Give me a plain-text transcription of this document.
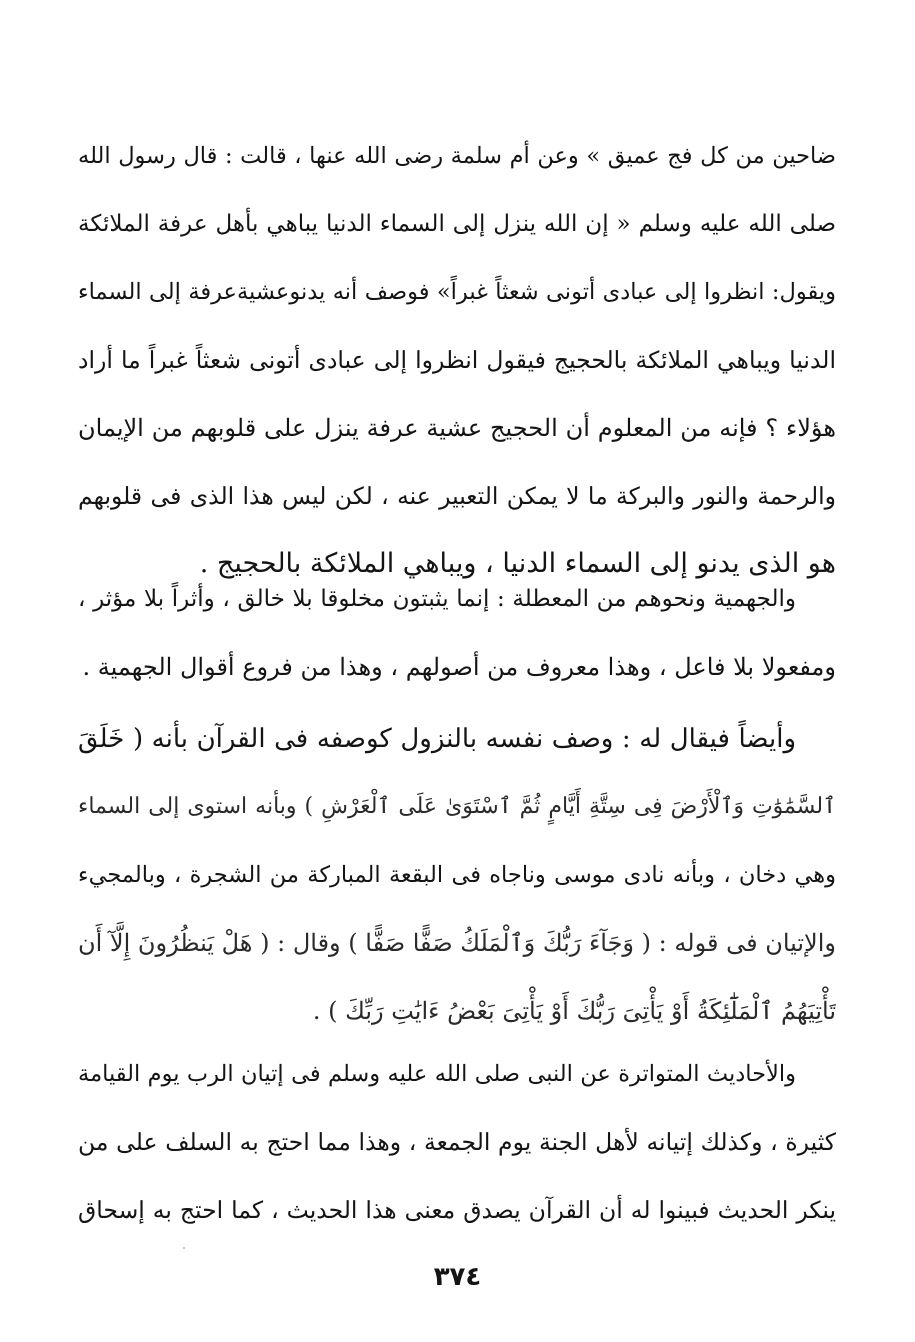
ضاحين من كل فج عميق » وعن أم سلمة رضى الله عنها ، قالت : قال رسول الله
صلى الله عليه وسلم « إن الله ينزل إلى السماء الدنيا يباهي بأهل عرفة الملائكة
ويقول: انظروا إلى عبادى أتونى شعثاً غبراً» فوصف أنه يدنوعشيةعرفة إلى السماء
الدنيا ويباهي الملائكة بالحجيج فيقول انظروا إلى عبادى أتونى شعثاً غبراً ما أراد
هؤلاء ؟ فإنه من المعلوم أن الحجيج عشية عرفة ينزل على قلوبهم من الإيمان
والرحمة والنور والبركة ما لا يمكن التعبير عنه ، لكن ليس هذا الذى فى قلوبهم
هو الذى يدنو إلى السماء الدنيا ، ويباهي الملائكة بالحجيج .
والجهمية ونحوهم من المعطلة : إنما يثبتون مخلوقا بلا خالق ، وأثراً بلا مؤثر ،
ومفعولا بلا فاعل ، وهذا معروف من أصولهم ، وهذا من فروع أقوال الجهمية .
وأيضاً فيقال له : وصف نفسه بالنزول كوصفه فى القرآن بأنه ( خَلَقَ
ٱلسَّمَٰوَٰتِ وَٱلْأَرْضَ فِى سِتَّةِ أَيَّامٍ ثُمَّ ٱسْتَوَىٰ عَلَى ٱلْعَرْشِ ) وبأنه استوى إلى السماء
وهي دخان ، وبأنه نادى موسى وناجاه فى البقعة المباركة من الشجرة ، وبالمجيء
والإتيان فى قوله : ( وَجَآءَ رَبُّكَ وَٱلْمَلَكُ صَفًّا صَفًّا ) وقال : ( هَلْ يَنظُرُونَ إِلَّآ أَن
تَأْتِيَهُمُ ٱلْمَلَٰٓئِكَةُ أَوْ يَأْتِىَ رَبُّكَ أَوْ يَأْتِىَ بَعْضُ ءَايَٰتِ رَبِّكَ ) .
والأحاديث المتواترة عن النبى صلى الله عليه وسلم فى إتيان الرب يوم القيامة
كثيرة ، وكذلك إتيانه لأهل الجنة يوم الجمعة ، وهذا مما احتج به السلف على من
ينكر الحديث فبينوا له أن القرآن يصدق معنى هذا الحديث ، كما احتج به إسحاق
٣٧٤
